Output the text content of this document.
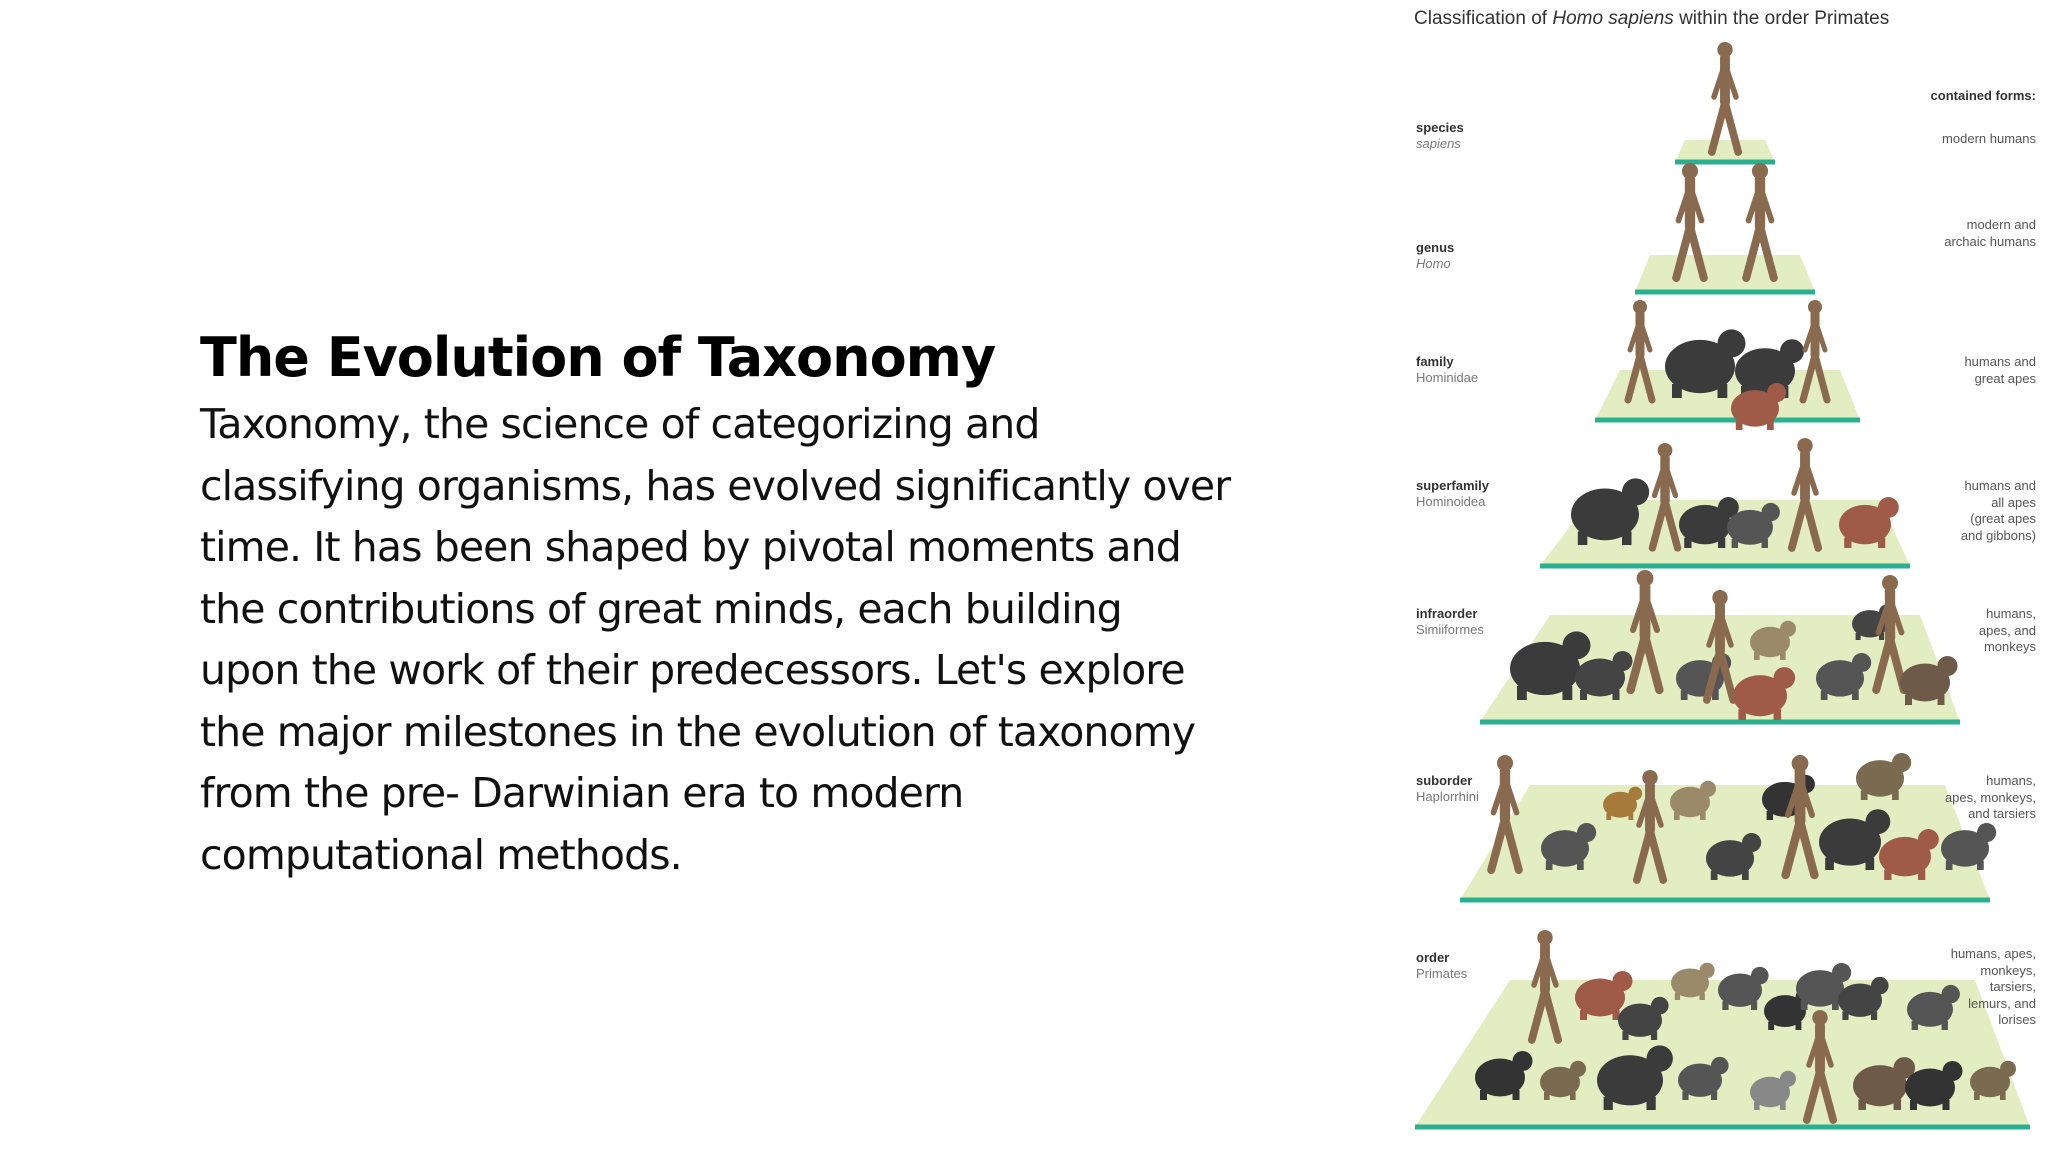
The Evolution of Taxonomy

Taxonomy, the science of categorizing and
classifying organisms, has evolved significantly over
time. It has been shaped by pivotal moments and
the contributions of great minds, each building
upon the work of their predecessors. Let's explore
the major milestones in the evolution of taxonomy
from the pre- Darwinian era to modern
computational methods.

Classification of Homo sapiens within the order Primates
contained forms:
species
sapiens
genus
Homo
family
Hominidae
superfamily
Hominoidea
infraorder
Simiiformes
suborder
Haplorrhini
order
Primates
modern humans
modern and
archaic humans
humans and
great apes
humans and
all apes
(great apes
and gibbons)
humans,
apes, and
monkeys
humans,
apes, monkeys,
and tarsiers
humans, apes,
monkeys,
tarsiers,
lemurs, and
lorises
